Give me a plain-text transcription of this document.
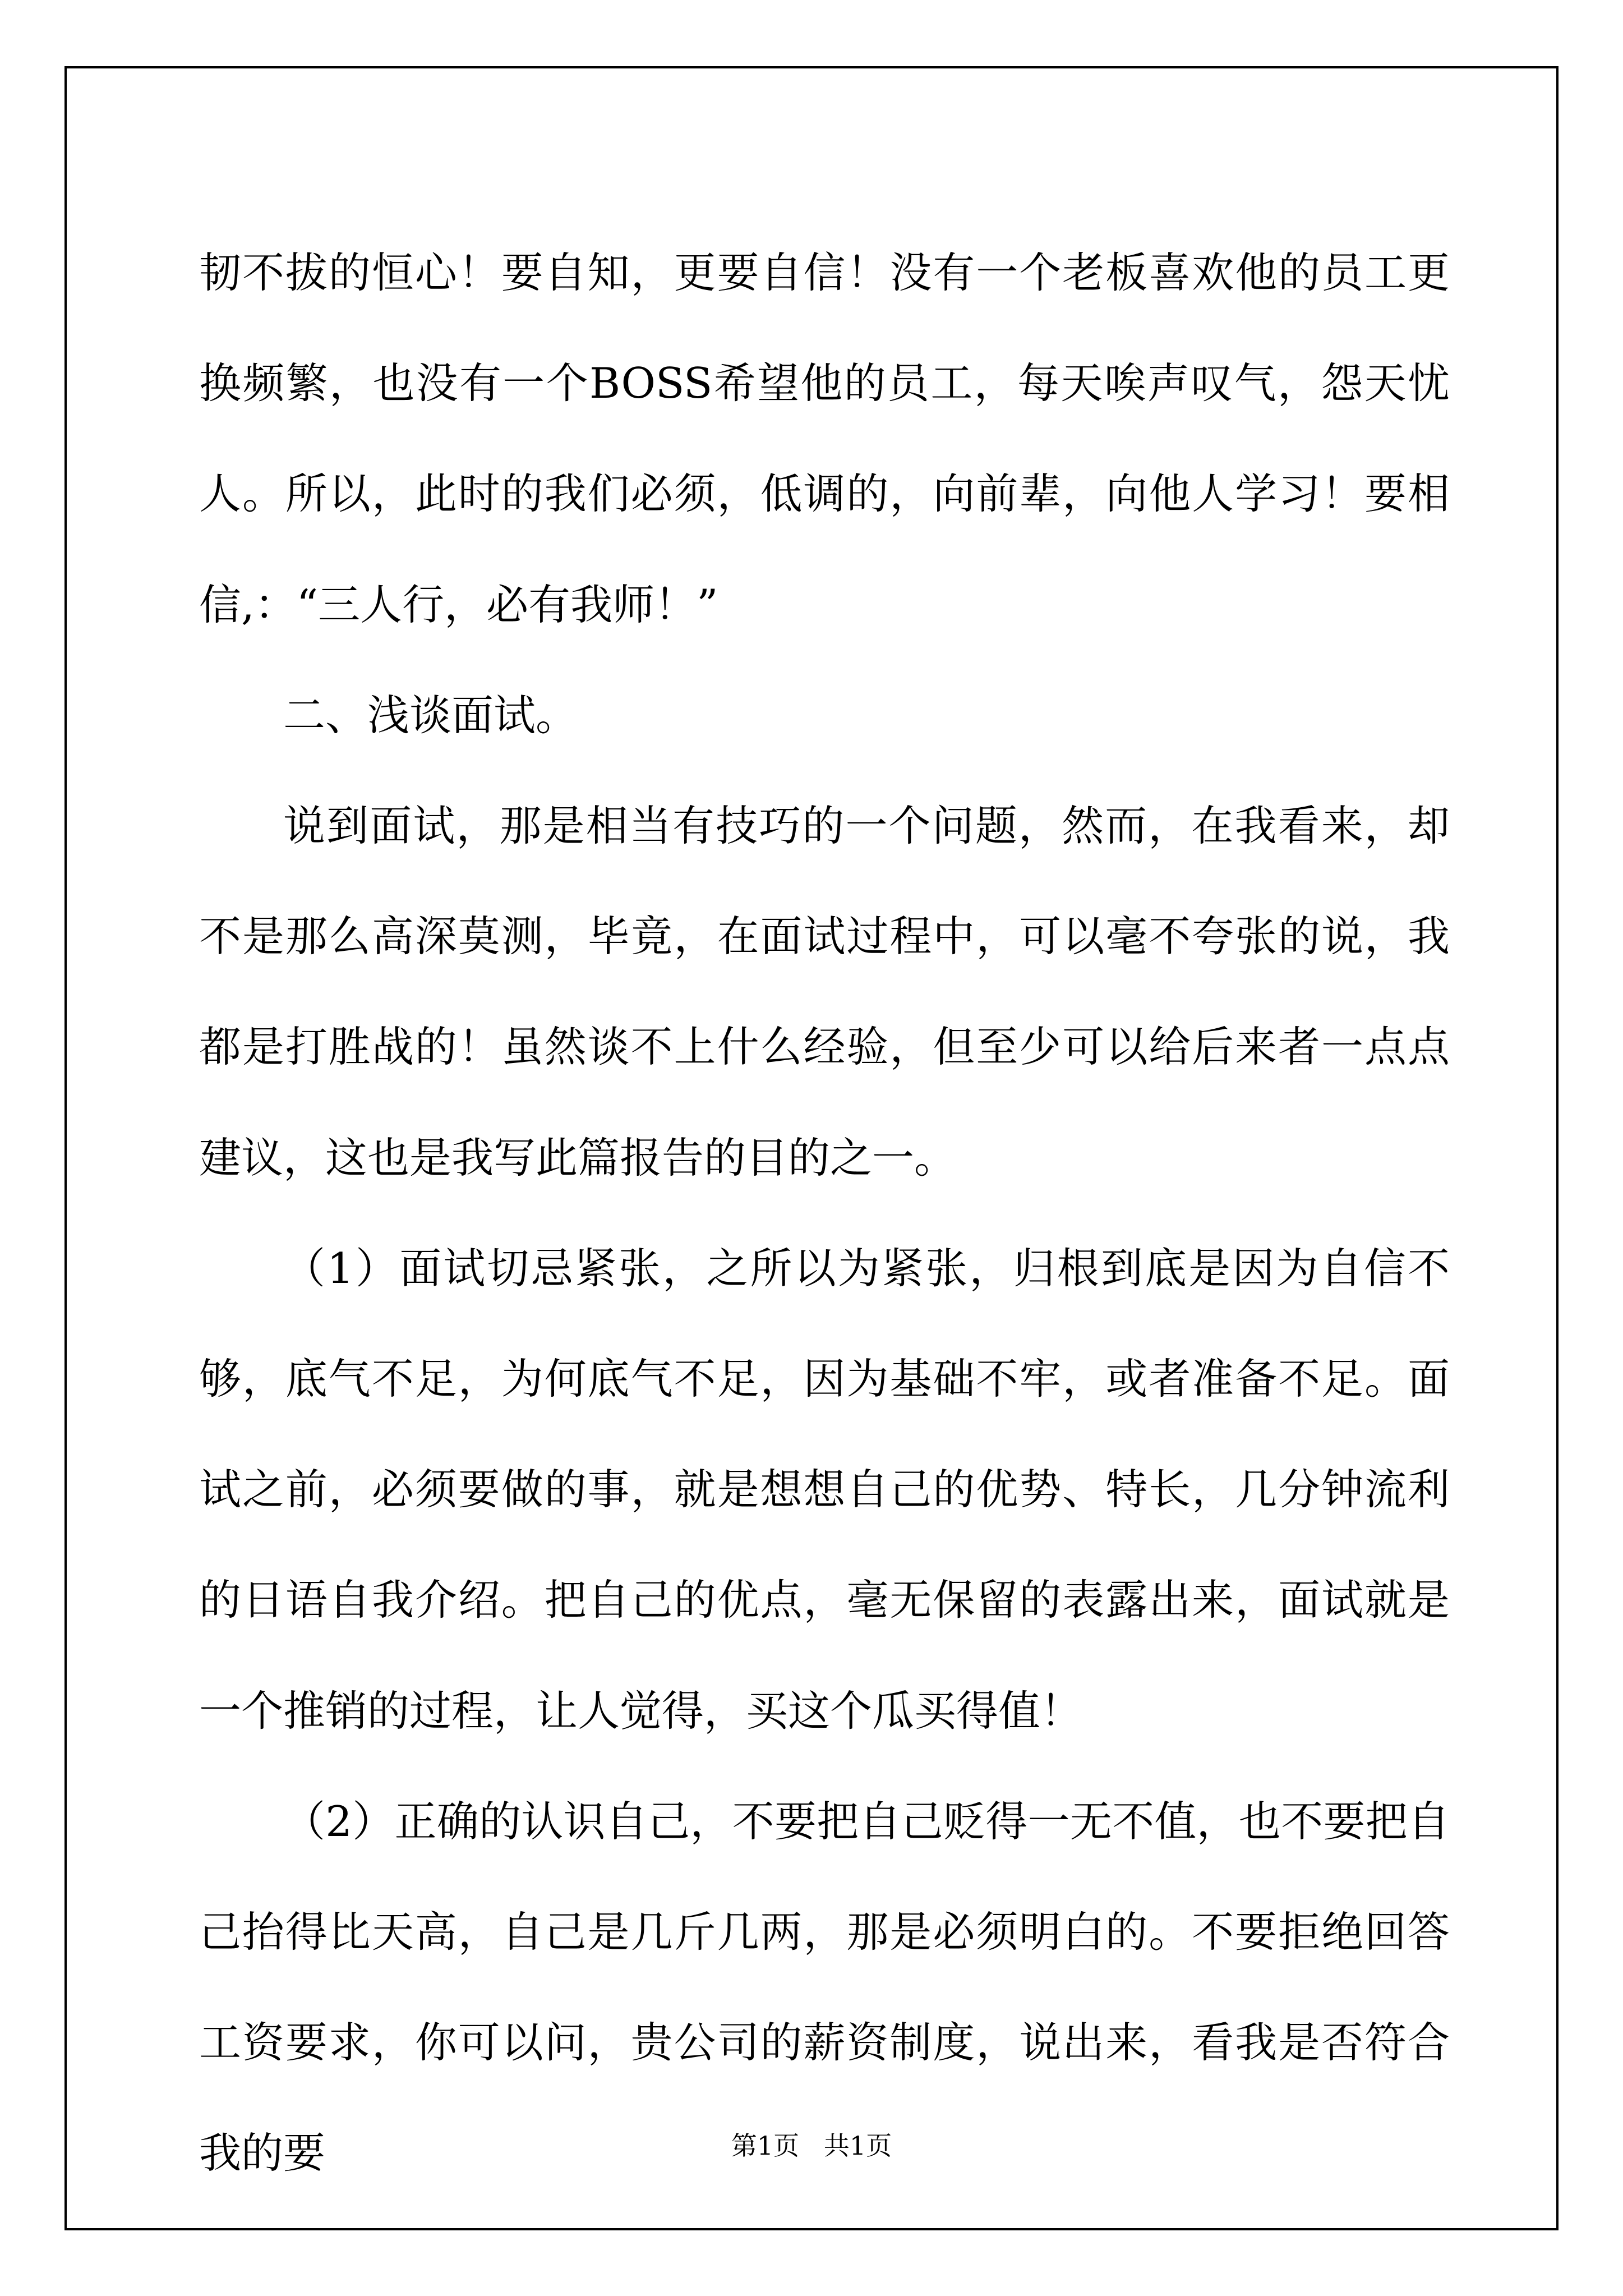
韧不拔的恒心！要自知，更要自信！没有一个老板喜欢他的员工更换频繁，也没有一个BOSS希望他的员工，每天唉声叹气，怨天忧人。所以，此时的我们必须，低调的，向前辈，向他人学习！要相信,：“三人行，必有我师！”

二、浅谈面试。

说到面试，那是相当有技巧的一个问题，然而，在我看来，却不是那么高深莫测，毕竟，在面试过程中，可以毫不夸张的说，我都是打胜战的！虽然谈不上什么经验，但至少可以给后来者一点点建议，这也是我写此篇报告的目的之一。

（1）面试切忌紧张，之所以为紧张，归根到底是因为自信不够，底气不足，为何底气不足，因为基础不牢，或者准备不足。面试之前，必须要做的事，就是想想自己的优势、特长，几分钟流利的日语自我介绍。把自己的优点，毫无保留的表露出来，面试就是一个推销的过程，让人觉得，买这个瓜买得值！

（2）正确的认识自己，不要把自己贬得一无不值，也不要把自己抬得比天高，自己是几斤几两，那是必须明白的。不要拒绝回答工资要求，你可以问，贵公司的薪资制度，说出来，看我是否符合我的要	第1页   共1页
